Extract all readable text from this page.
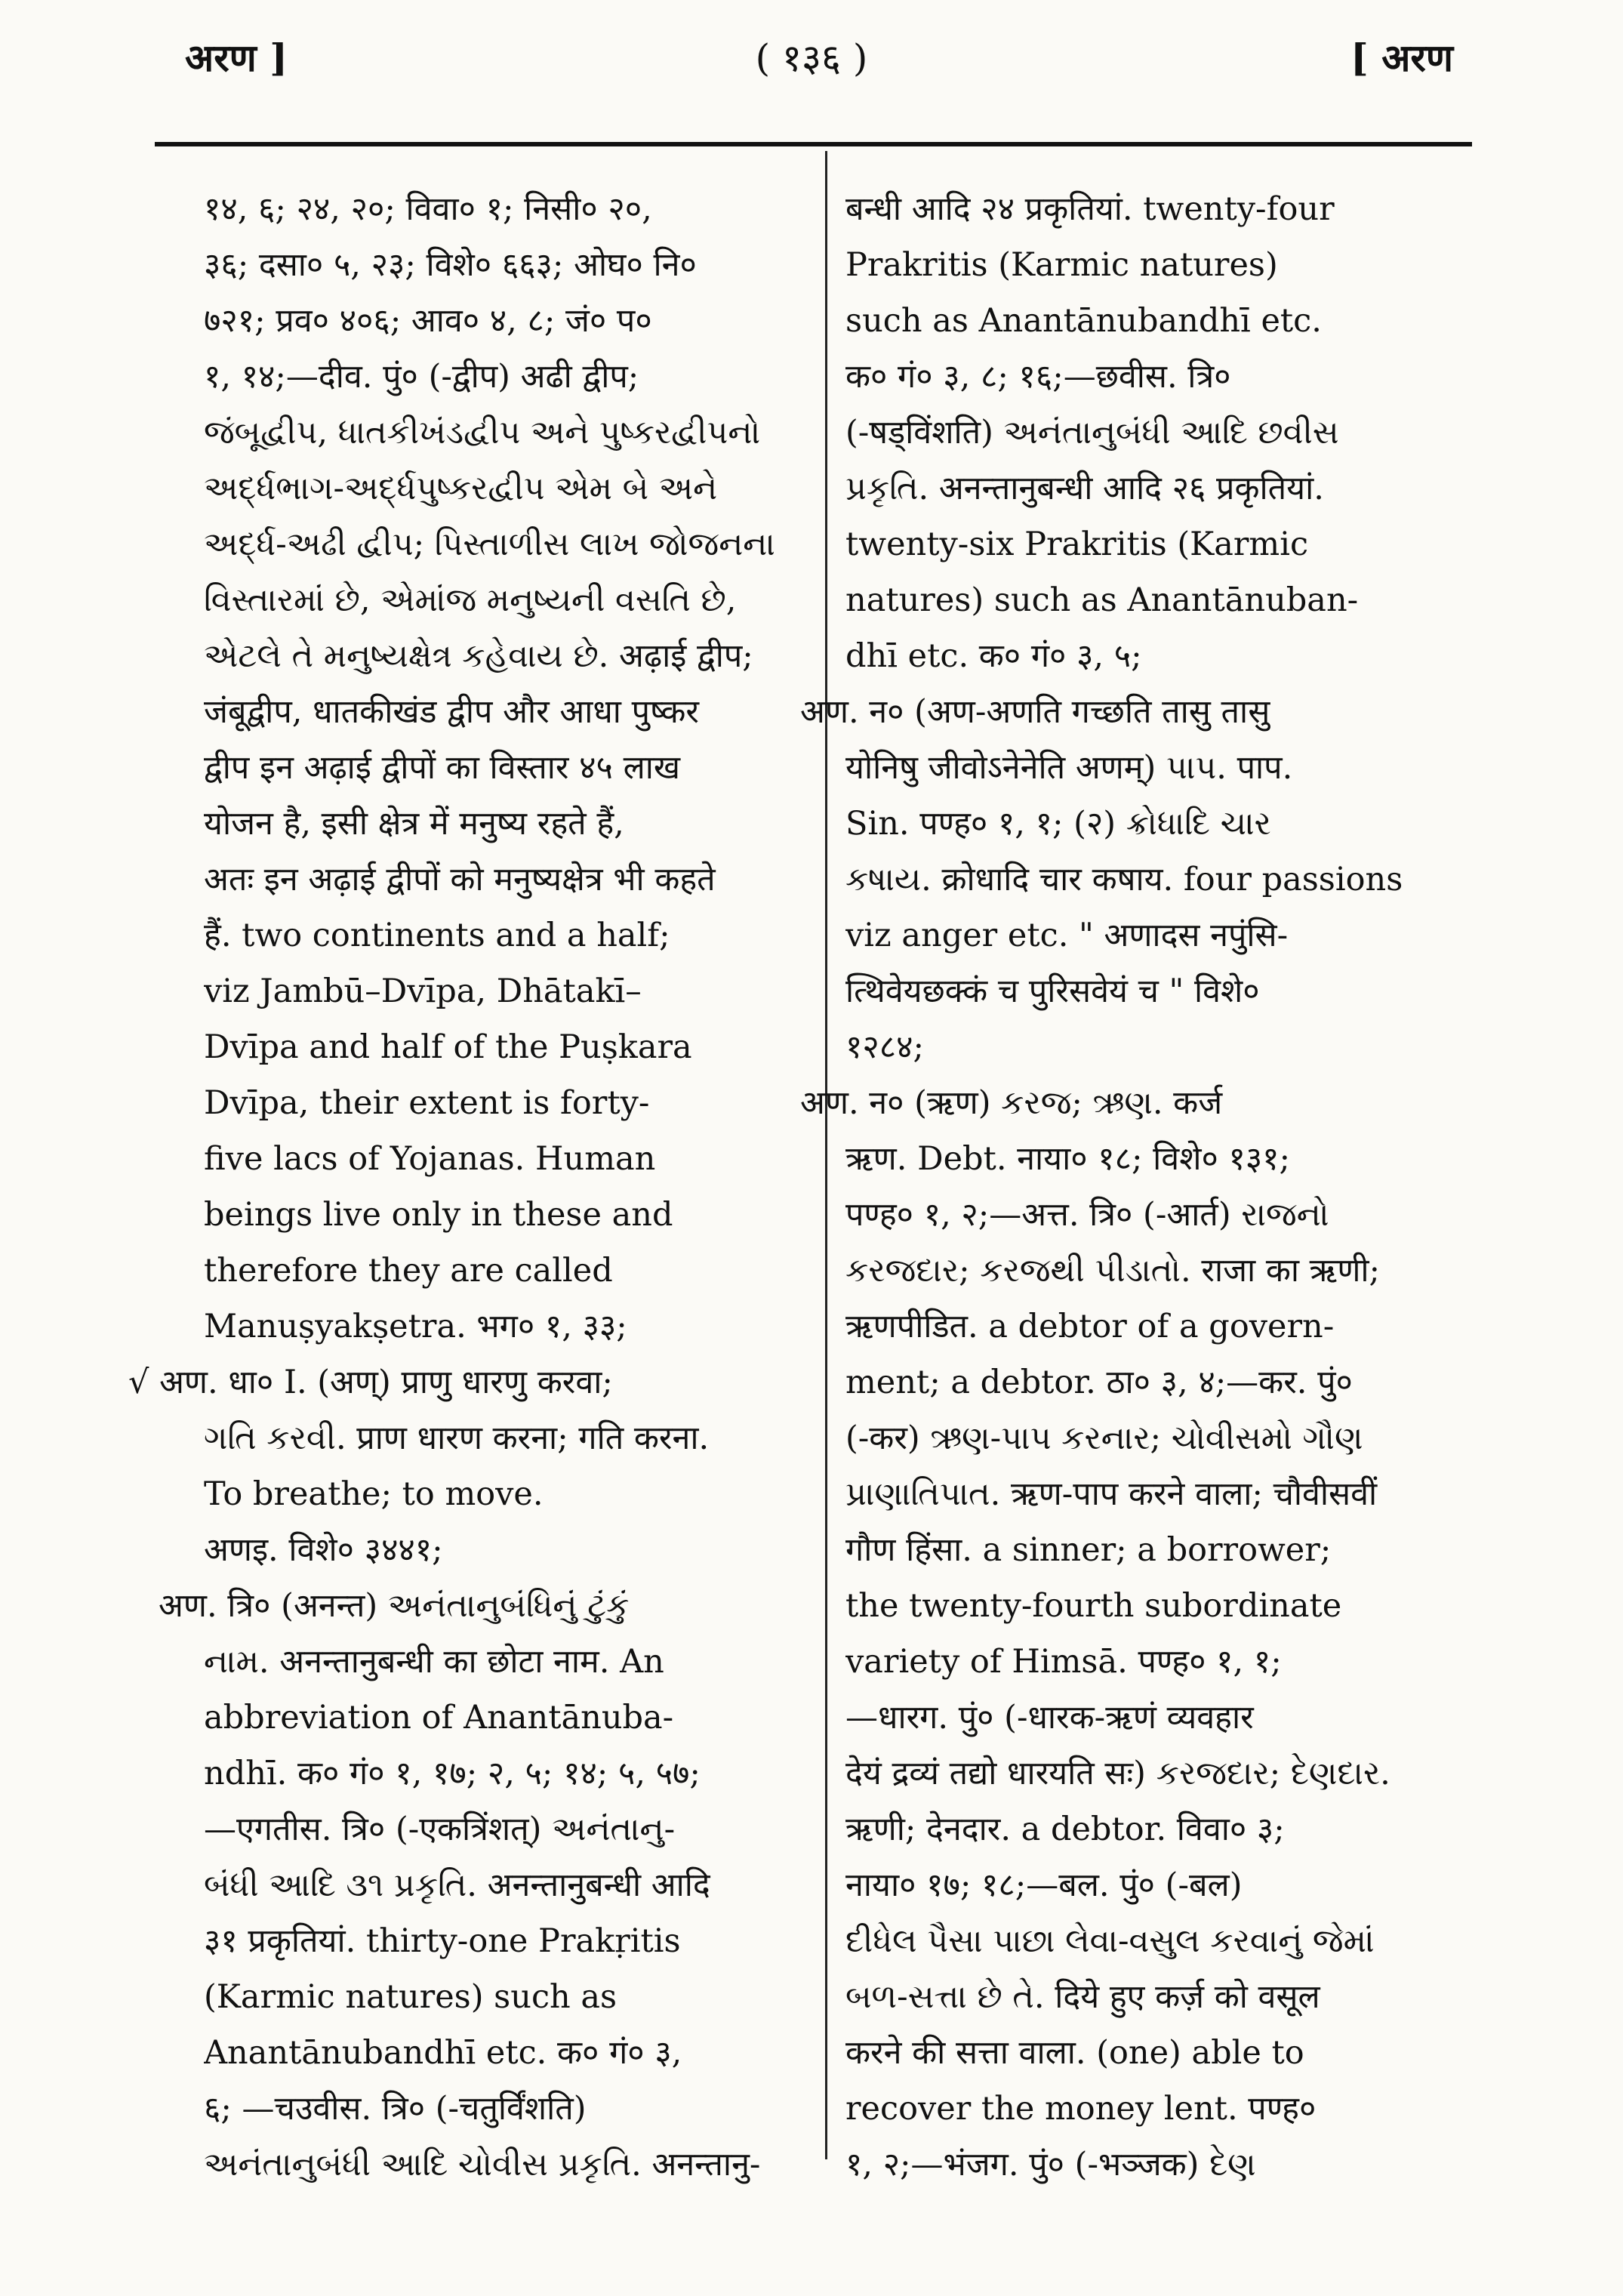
अरण ]	( १३६ )	[ अरण
१४, ६; २४, २०; विवा० १; निसी० २०,
३६; दसा० ५, २३; विशे० ६६३; ओघ० नि०
७२१; प्रव० ४०६; आव० ४, ८; जं० प०
१, १४;—दीव. पुं० (-द्वीप) अढी द्वीप;
જંબૂદ્વીપ, ધાતકીખંડદ્વીપ અને પુષ્કરદ્વીપનો
અર્દ્ધભાગ-અર્દ્ધપુષ્કરદ્વીપ એમ બે અને
અર્દ્ધ-અઢી દ્વીપ; પિસ્તાળીસ લાખ જોજનના
વિસ્તારમાં છે, એમાંજ મનુષ્યની વસતિ છે,
એટલે તે મનુષ્યક્ષેત્ર કહેવાય છે. अढ़ाई द्वीप;
जंबूद्वीप, धातकीखंड द्वीप और आधा पुष्कर
द्वीप इन अढ़ाई द्वीपों का विस्तार ४५ लाख
योजन है, इसी क्षेत्र में मनुष्य रहते हैं,
अतः इन अढ़ाई द्वीपों को मनुष्यक्षेत्र भी कहते
हैं. two continents and a half;
viz Jambū–Dvīpa, Dhātakī–
Dvīpa and half of the Puṣkara
Dvīpa, their extent is forty-
five lacs of Yojanas. Human
beings live only in these and
therefore they are called
Manuṣyakṣetra. भग० १, ३३;
√ अण. धा० I. (अण्) प्राणु धारणु करवा;
ગતિ કરવી. प्राण धारण करना; गति करना.
To breathe; to move.
अणइ. विशे० ३४४१;
अण. त्रि० (अनन्त) અનંતાનુબંધિનું ટુંકું
નામ. अनन्तानुबन्धी का छोटा नाम. An
abbreviation of Anantānuba-
ndhī. क० गं० १, १७; २, ५; १४; ५, ५७;
—एगतीस. त्रि० (-एकत्रिंशत्) અનંતાનુ-
બંધી આદિ ૩૧ પ્રકૃતિ. अनन्तानुबन्धी आदि
३१ प्रकृतियां. thirty-one Prakṛitis
(Karmic natures) such as
Anantānubandhī etc. क० गं० ३,
६; —चउवीस. त्रि० (-चतुर्विंशति)
અનંતાનુબંધી આદિ ચોવીસ પ્રકૃતિ. अनन्तानु-
बन्धी आदि २४ प्रकृतियां. twenty-four
Prakritis (Karmic natures)
such as Anantānubandhī etc.
क० गं० ३, ८; १६;—छवीस. त्रि०
(-षड्विंशति) અનંતાનુબંધી આદિ છવીસ
પ્રકૃતિ. अनन्तानुबन्धी आदि २६ प्रकृतियां.
twenty-six Prakritis (Karmic
natures) such as Anantānuban-
dhī etc. क० गं० ३, ५;
अण. न० (अण-अणति गच्छति तासु तासु
योनिषु जीवोऽनेनेति अणम्) પાપ. पाप.
Sin. पण्ह० १, १; (२) ક્રોધાદિ ચાર
કષાય. क्रोधादि चार कषाय. four passions
viz anger etc. " अणादस नपुंसि-
त्थिवेयछक्कं च पुरिसवेयं च " विशे०
१२८४;
अण. न० (ऋण) કરજ; ઋણ. कर्ज
ऋण. Debt. नाया० १८; विशे० १३१;
पण्ह० १, २;—अत्त. त्रि० (-आर्त) રાજનો
કરજદાર; કરજથી પીડાતો. राजा का ऋणी;
ऋणपीडित. a debtor of a govern-
ment; a debtor. ठा० ३, ४;—कर. पुं०
(-कर) ઋણ-પાપ કરનાર; ચોવીસમો ગૌણ
પ્રાણાતિપાત. ऋण-पाप करने वाला; चौवीसवीं
गौण हिंसा. a sinner; a borrower;
the twenty-fourth subordinate
variety of Himsā. पण्ह० १, १;
—धारग. पुं० (-धारक-ऋणं व्यवहार
देयं द्रव्यं तद्यो धारयति सः) કરજદાર; દેણદાર.
ऋणी; देनदार. a debtor. विवा० ३;
नाया० १७; १८;—बल. पुं० (-बल)
દીધેલ પૈસા પાછા લેવા-વસુલ કરવાનું જેમાં
બળ-સત્તા છે તે. दिये हुए कर्ज़ को वसूल
करने की सत्ता वाला. (one) able to
recover the money lent. पण्ह०
१, २;—भंजग. पुं० (-भञ्जक) દેણ
